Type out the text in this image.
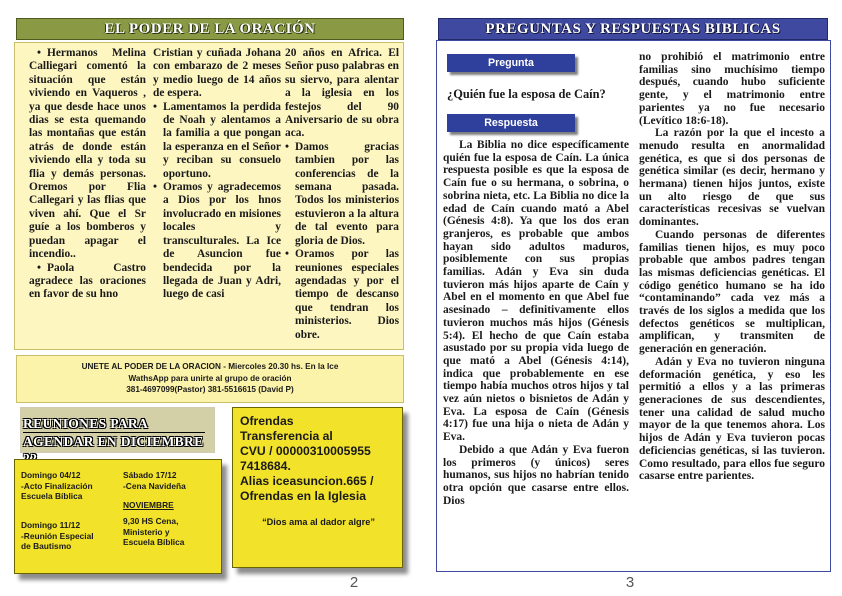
EL PODER DE LA ORACIÓN
• Hermanos Melina Calliegari comentó la situación que están viviendo en Vaqueros , ya que desde hace unos dias se esta quemando las montañas que están atrás de donde están viviendo ella y toda su flia y demás personas. Oremos por Flia Callegari y las flias que viven ahí. Que el Sr guíe a los bomberos y puedan apagar el incendio..
• Paola Castro agradece las oraciones en favor de su hno

Cristian y cuñada Johana con embarazo de 2 meses y medio luego de 14 años de espera.

• Lamentamos la perdida de Noah y alentamos a la familia a que pongan la esperanza en el Señor y reciban su consuelo oportuno.
• Oramos y agradecemos a Dios por los hnos involucrado en misiones locales y transculturales. La Ice de Asuncion fue bendecida por la llegada de Juan y Adri, luego de casi

20 años en Africa. El Señor puso palabras en su siervo, para alentar a la iglesia en los festejos del 90 Aniversario de su obra aca.

• Damos gracias tambien por las conferencias de la semana pasada. Todos los ministerios estuvieron a la altura de tal evento para gloria de Dios.
• Oramos por las reuniones especiales agendadas y por el tiempo de descanso que tendran los ministerios. Dios obre.
UNETE AL PODER DE LA ORACION - Miercoles 20.30 hs. En la Ice
WathsApp para unirte al grupo de oración
381-4697099(Pastor) 381-5516615 (David P)
REUNIONES PARA
AGENDAR EN DICIEMBRE
Domingo 04/12
-Acto Finalización
Escuela Bíblica
Domingo 11/12
-Reunión Especial
de Bautismo
Sábado 17/12
-Cena Navideña
NOVIEMBRE
9,30 HS Cena,
Ministerio y
Escuela Bíblica
Ofrendas
Transferencia al
CVU / 00000310005955
7418684.
Alias iceasuncion.665 /
Ofrendas en la Iglesia
“Dios ama al dador algre”
2
PREGUNTAS Y RESPUESTAS BIBLICAS
Pregunta
¿Quién fue la esposa de Caín?
Respuesta

La Biblia no dice específicamente quién fue la esposa de Caín. La única respuesta posible es que la esposa de Caín fue o su hermana, o sobrina, o sobrina nieta, etc. La Biblia no dice la edad de Caín cuando mató a Abel (Génesis 4:8). Ya que los dos eran granjeros, es probable que ambos hayan sido adultos maduros, posiblemente con sus propias familias. Adán y Eva sin duda tuvieron más hijos aparte de Caín y Abel en el momento en que Abel fue asesinado – definitivamente ellos tuvieron muchos más hijos (Génesis 5:4). El hecho de que Caín estaba asustado por su propia vida luego de que mató a Abel (Génesis 4:14), indica que probablemente en ese tiempo había muchos otros hijos y tal vez aún nietos o bisnietos de Adán y Eva. La esposa de Caín (Génesis 4:17) fue una hija o nieta de Adán y Eva.

Debido a que Adán y Eva fueron los primeros (y únicos) seres humanos, sus hijos no habrían tenido otra opción que casarse entre ellos. Dios

no prohibió el matrimonio entre familias sino muchísimo tiempo después, cuando hubo suficiente gente, y el matrimonio entre parientes ya no fue necesario (Levítico 18:6-18).

La razón por la que el incesto a menudo resulta en anormalidad genética, es que si dos personas de genética similar (es decir, hermano y hermana) tienen hijos juntos, existe un alto riesgo de que sus características recesivas se vuelvan dominantes.

Cuando personas de diferentes familias tienen hijos, es muy poco probable que ambos padres tengan las mismas deficiencias genéticas. El código genético humano se ha ido “contaminando” cada vez más a través de los siglos a medida que los defectos genéticos se multiplican, amplifican, y transmiten de generación en generación.

Adán y Eva no tuvieron ninguna deformación genética, y eso les permitió a ellos y a las primeras generaciones de sus descendientes, tener una calidad de salud mucho mayor de la que tenemos ahora. Los hijos de Adán y Eva tuvieron pocas deficiencias genéticas, si las tuvieron. Como resultado, para ellos fue seguro casarse entre parientes.

3
